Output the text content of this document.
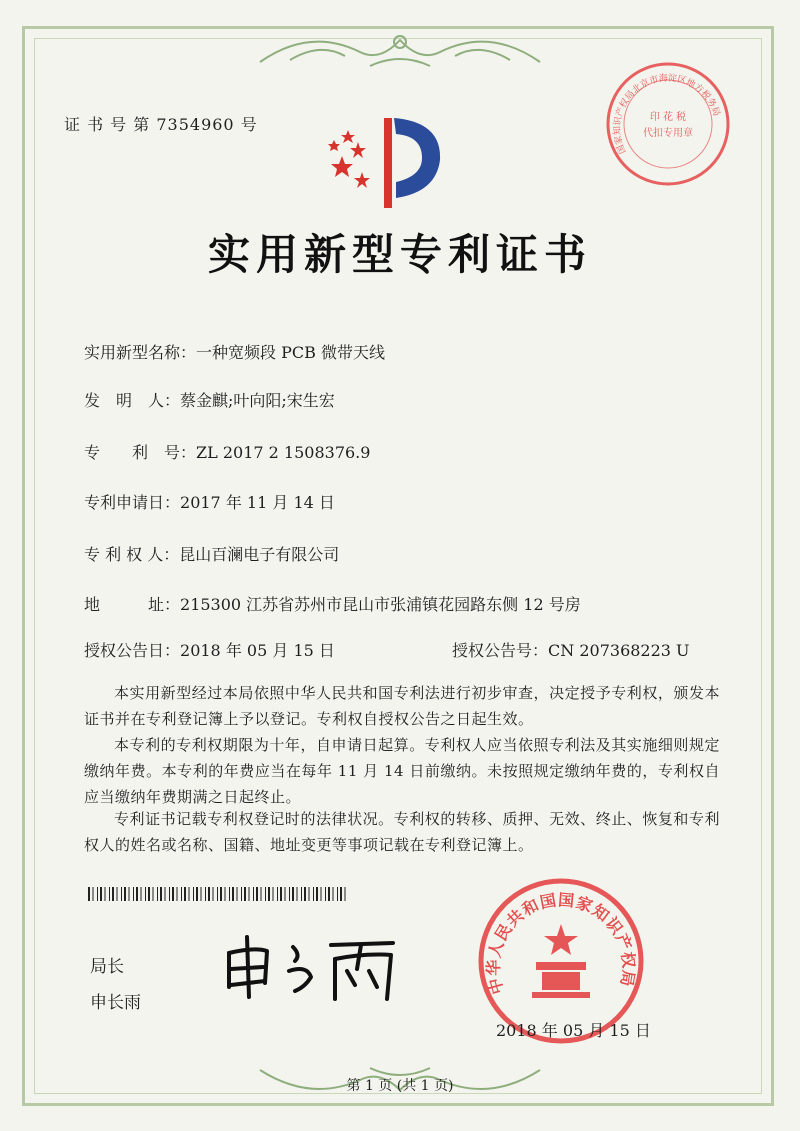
证 书 号 第 7354960 号
实用新型专利证书
实用新型名称：一种宽频段 PCB 微带天线
发　明　人：蔡金麒;叶向阳;宋生宏
专　　利　号：ZL 2017 2 1508376.9
专利申请日：2017 年 11 月 14 日
专 利 权 人：昆山百澜电子有限公司
地　　　址：215300 江苏省苏州市昆山市张浦镇花园路东侧 12 号房
授权公告日：2018 年 05 月 15 日	授权公告号：CN 207368223 U
本实用新型经过本局依照中华人民共和国专利法进行初步审查，决定授予专利权，颁发本证书并在专利登记簿上予以登记。专利权自授权公告之日起生效。
本专利的专利权期限为十年，自申请日起算。专利权人应当依照专利法及其实施细则规定缴纳年费。本专利的年费应当在每年 11 月 14 日前缴纳。未按照规定缴纳年费的，专利权自应当缴纳年费期满之日起终止。
专利证书记载专利权登记时的法律状况。专利权的转移、质押、无效、终止、恢复和专利权人的姓名或名称、国籍、地址变更等事项记载在专利登记簿上。
局长
申长雨
中华人民共和国国家知识产权局
国家知识产权局北京市海淀区地方税务局
印 花 税
代扣专用章
2018 年 05 月 15 日
第 1 页 (共 1 页)
